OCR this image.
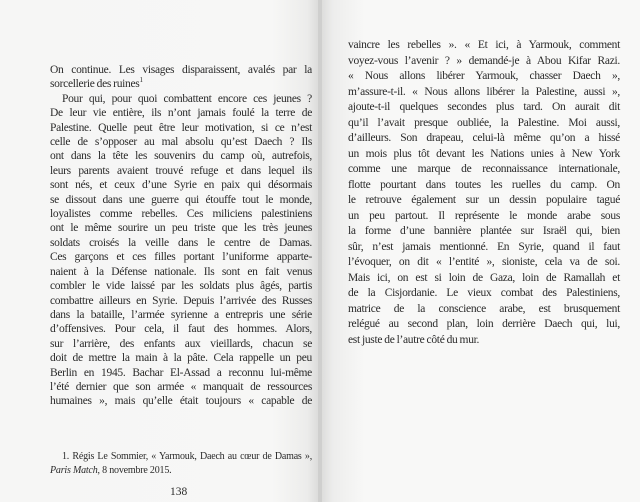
On continue. Les visages disparaissent, avalés par la
sorcellerie des ruines$^1$
Pour qui, pour quoi combattent encore ces jeunes ?
De leur vie entière, ils n’ont jamais foulé la terre de
Palestine. Quelle peut être leur motivation, si ce n’est
celle de s’opposer au mal absolu qu’est Daech ? Ils
ont dans la tête les souvenirs du camp où, autrefois,
leurs parents avaient trouvé refuge et dans lequel ils
sont nés, et ceux d’une Syrie en paix qui désormais
se dissout dans une guerre qui étouffe tout le monde,
loyalistes comme rebelles. Ces miliciens palestiniens
ont le même sourire un peu triste que les très jeunes
soldats croisés la veille dans le centre de Damas.
Ces garçons et ces filles portant l’uniforme apparte-
naient à la Défense nationale. Ils sont en fait venus
combler le vide laissé par les soldats plus âgés, partis
combattre ailleurs en Syrie. Depuis l’arrivée des Russes
dans la bataille, l’armée syrienne a entrepris une série
d’offensives. Pour cela, il faut des hommes. Alors,
sur l’arrière, des enfants aux vieillards, chacun se
doit de mettre la main à la pâte. Cela rappelle un peu
Berlin en 1945. Bachar El-Assad a reconnu lui-même
l’été dernier que son armée « manquait de ressources
humaines », mais qu’elle était toujours « capable de
1. Régis Le Sommier, « Yarmouk, Daech au cœur de Damas »,
Paris Match, 8 novembre 2015.
138
vaincre les rebelles ». « Et ici, à Yarmouk, comment
voyez-vous l’avenir ? » demandé-je à Abou Kifar Razi.
« Nous allons libérer Yarmouk, chasser Daech »,
m’assure-t-il. « Nous allons libérer la Palestine, aussi »,
ajoute-t-il quelques secondes plus tard. On aurait dit
qu’il l’avait presque oubliée, la Palestine. Moi aussi,
d’ailleurs. Son drapeau, celui-là même qu’on a hissé
un mois plus tôt devant les Nations unies à New York
comme une marque de reconnaissance internationale,
flotte pourtant dans toutes les ruelles du camp. On
le retrouve également sur un dessin populaire tagué
un peu partout. Il représente le monde arabe sous
la forme d’une bannière plantée sur Israël qui, bien
sûr, n’est jamais mentionné. En Syrie, quand il faut
l’évoquer, on dit « l’entité », sioniste, cela va de soi.
Mais ici, on est si loin de Gaza, loin de Ramallah et
de la Cisjordanie. Le vieux combat des Palestiniens,
matrice de la conscience arabe, est brusquement
relégué au second plan, loin derrière Daech qui, lui,
est juste de l’autre côté du mur.
